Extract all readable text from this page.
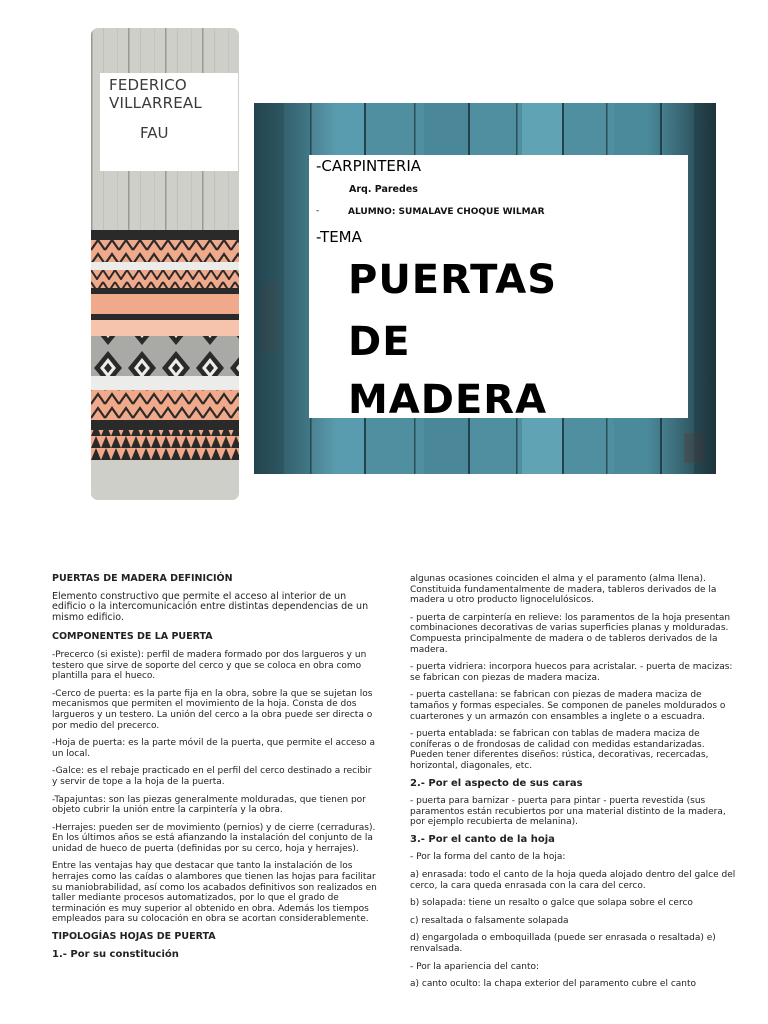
FEDERICO
VILLARREAL
FAU
-CARPINTERIA
Arq. Paredes
-	ALUMNO: SUMALAVE CHOQUE WILMAR
-TEMA
PUERTAS
DE
MADERA

PUERTAS DE MADERA DEFINICIÓN

Elemento constructivo que permite el acceso al interior de un edificio o la intercomunicación entre distintas dependencias de un mismo edificio.

COMPONENTES DE LA PUERTA

-Precerco (si existe): perfil de madera formado por dos largueros y un testero que sirve de soporte del cerco y que se coloca en obra como plantilla para el hueco.

-Cerco de puerta: es la parte fija en la obra, sobre la que se sujetan los mecanismos que permiten el movimiento de la hoja. Consta de dos largueros y un testero. La unión del cerco a la obra puede ser directa o por medio del precerco.

-Hoja de puerta: es la parte móvil de la puerta, que permite el acceso a un local.

-Galce: es el rebaje practicado en el perfil del cerco destinado a recibir y servir de tope a la hoja de la puerta.

-Tapajuntas: son las piezas generalmente molduradas, que tienen por objeto cubrir la unión entre la carpintería y la obra.

-Herrajes: pueden ser de movimiento (pernios) y de cierre (cerraduras). En los últimos años se está afianzando la instalación del conjunto de la unidad de hueco de puerta (definidas por su cerco, hoja y herrajes).

Entre las ventajas hay que destacar que tanto la instalación de los herrajes como las caídas o alambores que tienen las hojas para facilitar su maniobrabilidad, así como los acabados definitivos son realizados en taller mediante procesos automatizados, por lo que el grado de terminación es muy superior al obtenido en obra. Además los tiempos empleados para su colocación en obra se acortan considerablemente.

TIPOLOGÍAS HOJAS DE PUERTA

1.- Por su constitución

algunas ocasiones coinciden el alma y el paramento (alma llena). Constituida fundamentalmente de madera, tableros derivados de la madera u otro producto lignocelulósicos.

- puerta de carpintería en relieve: los paramentos de la hoja presentan combinaciones decorativas de varias superficies planas y molduradas. Compuesta principalmente de madera o de tableros derivados de la madera.

- puerta vidriera: incorpora huecos para acristalar. - puerta de macizas: se fabrican con piezas de madera maciza.

- puerta castellana: se fabrican con piezas de madera maciza de tamaños y formas especiales. Se componen de paneles moldurados o cuarterones y un armazón con ensambles a inglete o a escuadra.

- puerta entablada: se fabrican con tablas de madera maciza de coníferas o de frondosas de calidad con medidas estandarizadas. Pueden tener diferentes diseños: rústica, decorativas, recercadas, horizontal, diagonales, etc.

2.- Por el aspecto de sus caras

- puerta para barnizar - puerta para pintar - puerta revestida (sus paramentos están recubiertos por una material distinto de la madera, por ejemplo recubierta de melanina).

3.- Por el canto de la hoja

- Por la forma del canto de la hoja:

a) enrasada: todo el canto de la hoja queda alojado dentro del galce del cerco, la cara queda enrasada con la cara del cerco.

b) solapada: tiene un resalto o galce que solapa sobre el cerco

c) resaltada o falsamente solapada

d) engargolada o emboquillada (puede ser enrasada o resaltada) e) renvalsada.

- Por la apariencia del canto:

a) canto oculto: la chapa exterior del paramento cubre el canto
